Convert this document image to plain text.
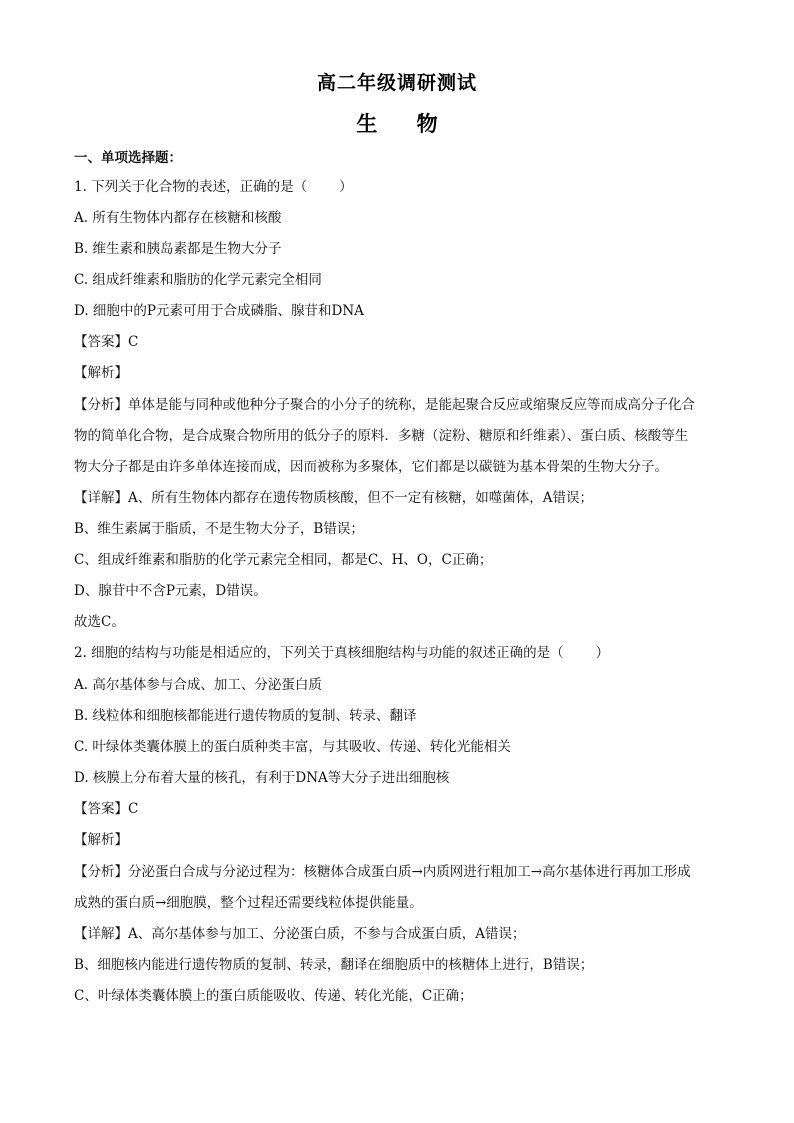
高二年级调研测试
生 物
一、单项选择题：
1. 下列关于化合物的表述，正确的是（ ）
A. 所有生物体内都存在核糖和核酸
B. 维生素和胰岛素都是生物大分子
C. 组成纤维素和脂肪的化学元素完全相同
D. 细胞中的P元素可用于合成磷脂、腺苷和DNA
【答案】C
【解析】
【分析】单体是能与同种或他种分子聚合的小分子的统称，是能起聚合反应或缩聚反应等而成高分子化合
物的简单化合物，是合成聚合物所用的低分子的原料．多糖（淀粉、糖原和纤维素）、蛋白质、核酸等生
物大分子都是由许多单体连接而成，因而被称为多聚体，它们都是以碳链为基本骨架的生物大分子。
【详解】A、所有生物体内都存在遗传物质核酸，但不一定有核糖，如噬菌体，A错误；
B、维生素属于脂质，不是生物大分子，B错误；
C、组成纤维素和脂肪的化学元素完全相同，都是C、H、O，C正确；
D、腺苷中不含P元素，D错误。
故选C。
2. 细胞的结构与功能是相适应的，下列关于真核细胞结构与功能的叙述正确的是（ ）
A. 高尔基体参与合成、加工、分泌蛋白质
B. 线粒体和细胞核都能进行遗传物质的复制、转录、翻译
C. 叶绿体类囊体膜上的蛋白质种类丰富，与其吸收、传递、转化光能相关
D. 核膜上分布着大量的核孔，有利于DNA等大分子进出细胞核
【答案】C
【解析】
【分析】分泌蛋白合成与分泌过程为：核糖体合成蛋白质→内质网进行粗加工→高尔基体进行再加工形成
成熟的蛋白质→细胞膜，整个过程还需要线粒体提供能量。
【详解】A、高尔基体参与加工、分泌蛋白质，不参与合成蛋白质，A错误；
B、细胞核内能进行遗传物质的复制、转录，翻译在细胞质中的核糖体上进行，B错误；
C、叶绿体类囊体膜上的蛋白质能吸收、传递、转化光能，C正确；
